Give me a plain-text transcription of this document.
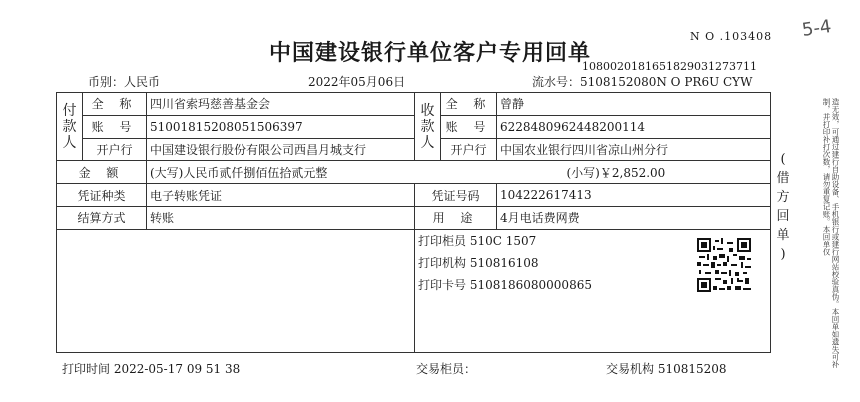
5-4
N O .103408
中国建设银行单位客户专用回单
1080020181651829031273711
币别：人民币	2022年05月06日	流水号：5108152080N O PR6U CYW
付款人	全 称	四川省索玛慈善基金会	收款人	全 称	曾静
	账 号	51001815208051506397		账 号	6228480962448200114
	开户行	中国建设银行股份有限公司西昌月城支行		开户行	中国农业银行四川省凉山州分行
金 额		(大写)人民币贰仟捌佰伍拾贰元整 (小写)￥2,852.00			

凭证种类		电子转账凭证	凭证号码		104222617413
结算方式		转账	用 途		4月电话费网费

			打印柜员 510C 1507
打印机构 510816108
打印卡号 5108186080000865		
(
借
方
回
单
)	造无效，可通过建行自助设备、手机银行或建行网站校验真伪。本回单如遗失可补制，并打印补打次数，请勿重复记账。本回单仅
打印时间 2022-05-17 09 51 38	交易柜员：	交易机构 510815208
